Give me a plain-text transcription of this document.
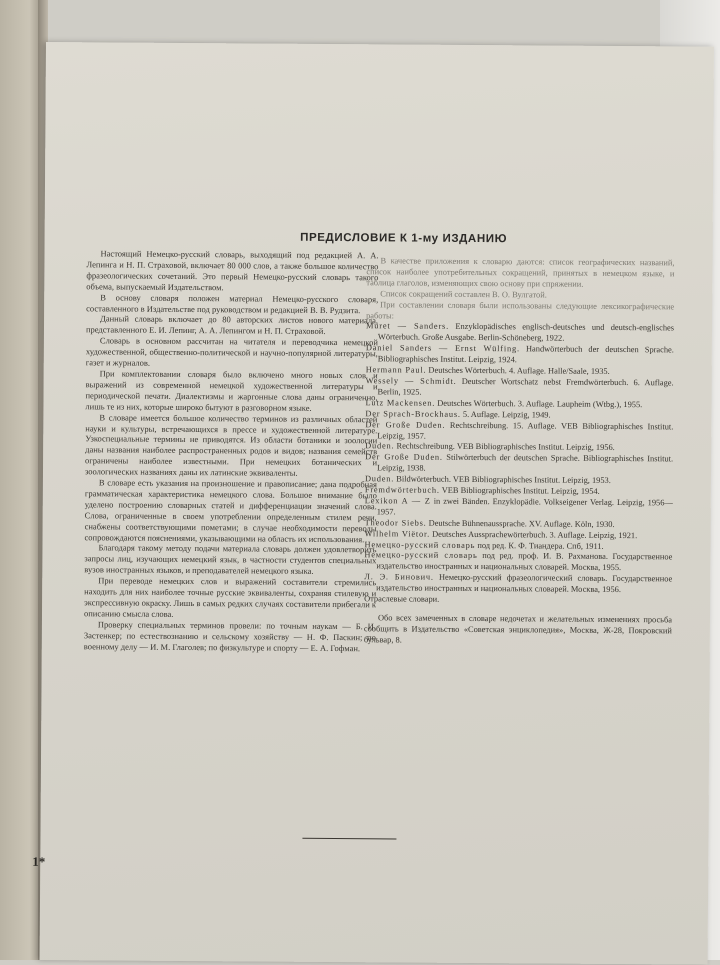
ПРЕДИСЛОВИЕ К 1-му ИЗДАНИЮ

Настоящий Немецко-русский словарь, выходящий под редакцией А. А. Лепинга и Н. П. Страховой, включает 80 000 слов, а также большое количество фразеологических сочетаний. Это первый Немецко-русский словарь такого объема, выпускаемый Издательством.

В основу словаря положен материал Немецко-русского словаря, составленного в Издательстве под руководством и редакцией В. В. Рудзита.

Данный словарь включает до 80 авторских листов нового материала, представленного Е. И. Лепинг, А. А. Лепингом и Н. П. Страховой.

Словарь в основном рассчитан на читателя и переводчика немецкой художественной, общественно-политической и научно-популярной литературы, газет и журналов.

При комплектовании словаря было включено много новых слов и выражений из современной немецкой художественной литературы и периодической печати. Диалектизмы и жаргонные слова даны ограниченно, лишь те из них, которые широко бытуют в разговорном языке.

В словаре имеется большое количество терминов из различных областей науки и культуры, встречающихся в прессе и художественной литературе. Узкоспециальные термины не приводятся. Из области ботаники и зоологии даны названия наиболее распространенных родов и видов; названия семейств ограничены наиболее известными. При немецких ботанических и зоологических названиях даны их латинские эквиваленты.

В словаре есть указания на произношение и правописание; дана подробная грамматическая характеристика немецкого слова. Большое внимание было уделено построению словарных статей и дифференциации значений слова. Слова, ограниченные в своем употреблении определенным стилем речи, снабжены соответствующими пометами; в случае необходимости переводы сопровождаются пояснениями, указывающими на область их использования.

Благодаря такому методу подачи материала словарь должен удовлетворить запросы лиц, изучающих немецкий язык, в частности студентов специальных вузов иностранных языков, и преподавателей немецкого языка.

При переводе немецких слов и выражений составители стремились находить для них наиболее точные русские эквиваленты, сохраняя стилевую и экспрессивную окраску. Лишь в самых редких случаях составители прибегали к описанию смысла слова.

Проверку специальных терминов провели: по точным наукам — Б. И. Застенкер; по естествознанию и сельскому хозяйству — Н. Ф. Паскин; по военному делу — И. М. Глаголев; по физкультуре и спорту — Е. А. Гофман.

В качестве приложения к словарю даются: список географических названий, список наиболее употребительных сокращений, принятых в немецком языке, и таблица глаголов, изменяющих свою основу при спряжении.

Список сокращений составлен В. О. Вулгатой.

При составлении словаря были использованы следующие лексикографические работы:

Muret — Sanders. Enzyklopädisches englisch-deutsches und deutsch-englisches Wörterbuch. Große Ausgabe. Berlin-Schöneberg, 1922.

Daniel Sanders — Ernst Wülfing. Handwörterbuch der deutschen Sprache. Bibliographisches Institut. Leipzig, 1924.

Hermann Paul. Deutsches Wörterbuch. 4. Auflage. Halle/Saale, 1935.

Wessely — Schmidt. Deutscher Wortschatz nebst Fremdwörterbuch. 6. Auflage. Berlin, 1925.

Lutz Mackensen. Deutsches Wörterbuch. 3. Auflage. Laupheim (Wtbg.), 1955.

Der Sprach-Brockhaus. 5. Auflage. Leipzig, 1949.

Der Große Duden. Rechtschreibung. 15. Auflage. VEB Bibliographisches Institut. Leipzig, 1957.

Duden. Rechtschreibung. VEB Bibliographisches Institut. Leipzig, 1956.

Der Große Duden. Stilwörterbuch der deutschen Sprache. Bibliographisches Institut. Leipzig, 1938.

Duden. Bildwörterbuch. VEB Bibliographisches Institut. Leipzig, 1953.

Fremdwörterbuch. VEB Bibliographisches Institut. Leipzig, 1954.

Lexikon A — Z in zwei Bänden. Enzyklopädie. Volkseigener Verlag. Leipzig, 1956—1957.

Theodor Siebs. Deutsche Bühnenaussprache. XV. Auflage. Köln, 1930.

Wilhelm Viëtor. Deutsches Aussprachewörterbuch. 3. Auflage. Leipzig, 1921.

Немецко-русский словарь под ред. К. Ф. Тиандера. Спб, 1911.

Немецко-русский словарь под ред. проф. И. В. Рахманова. Государственное издательство иностранных и национальных словарей. Москва, 1955.

Л. Э. Бинович. Немецко-русский фразеологический словарь. Государственное издательство иностранных и национальных словарей. Москва, 1956.

Отраслевые словари.

Обо всех замеченных в словаре недочетах и желательных изменениях просьба сообщить в Издательство «Советская энциклопедия», Москва, Ж-28, Покровский бульвар, 8.

1*
